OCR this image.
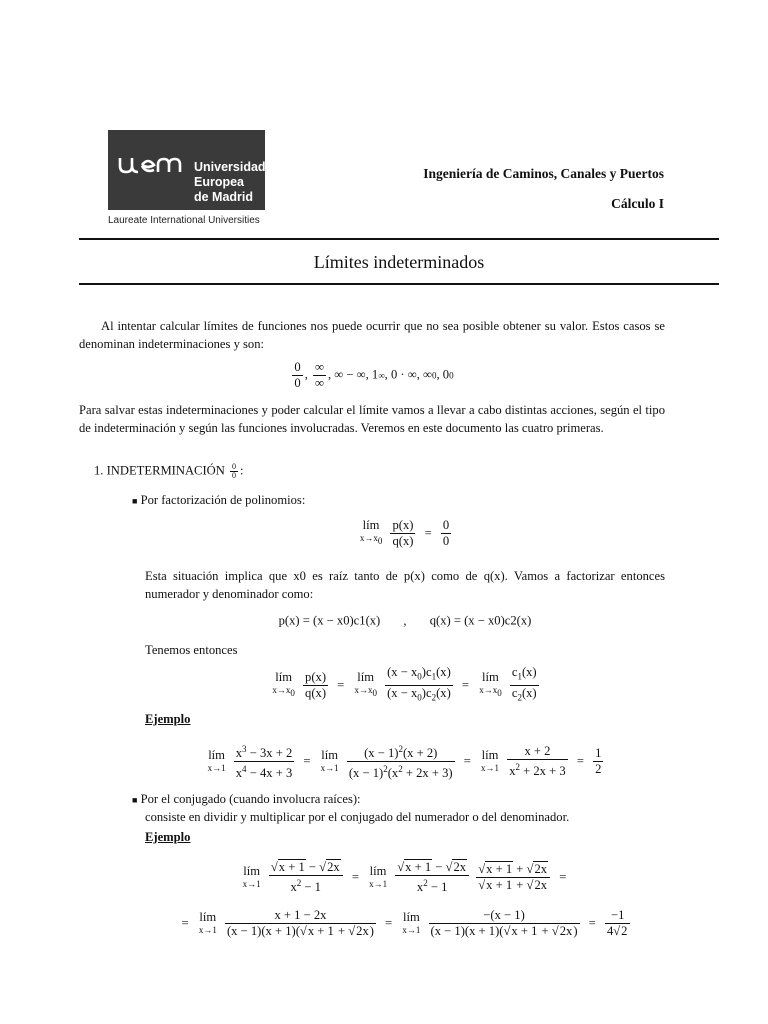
Universidad
Europea
de Madrid
Laureate International Universities
Ingeniería de Caminos, Canales y Puertos
Cálculo I
Límites indeterminados
Al intentar calcular límites de funciones nos puede ocurrir que no sea posible obtener su valor. Estos casos se denominan indeterminaciones y son:
$\frac{0}{0}$ , $\frac{\infty}{\infty}$ , ∞ − ∞, 1∞, 0 · ∞, ∞0, 00
Para salvar estas indeterminaciones y poder calcular el límite vamos a llevar a cabo distintas acciones, según el tipo de indeterminación y según las funciones involucradas. Veremos en este documento las cuatro primeras.
1. INDETERMINACIÓN $\frac{0}{0}$ :
■ Por factorización de polinomios:
lím
$x\to x_0$
$\frac{p(x)}{q(x)} = \frac{0}{0}$
Esta situación implica que x0 es raíz tanto de p(x) como de q(x). Vamos a factorizar entonces numerador y denominador como:
p(x) = (x − x0)c1(x) , q(x) = (x − x0)c2(x)
Tenemos entonces
lím
$x\to x_0$
$\frac{p(x)}{q(x)}$ = lím
$x\to x_0$
$\frac{(x - x_0)c_1(x)}{(x - x_0)c_2(x)}$ = lím
$x\to x_0$
$\frac{c_1(x)}{c_2(x)}$
Ejemplo
lím
x→1
$\frac{x^3 - 3x + 2}{x^4 - 4x + 3}$ = lím
x→1
$\frac{(x - 1)^2(x + 2)}{(x - 1)^2(x^2 + 2x + 3)}$ = lím
x→1
$\frac{x + 2}{x^2 + 2x + 3} = \frac{1}{2}$
■ Por el conjugado (cuando involucra raíces):
consiste en dividir y multiplicar por el conjugado del numerador o del denominador.
Ejemplo
lím
x→1
$\frac{√x + 1 - √2x}{x^2 - 1}$ = lím
x→1
$\frac{√x + 1 - √2x}{x^2 - 1}$
$\frac{√x + 1 + √2x}{√x + 1 + √2x}$ =
= lím
x→1
$\frac{x + 1 - 2x}{(x - 1)(x + 1)(√x + 1 + √2x)}$ = lím
x→1
$\frac{-(x - 1)}{(x - 1)(x + 1)(√x + 1 + √2x)} = \frac{-1}{4√2}$
